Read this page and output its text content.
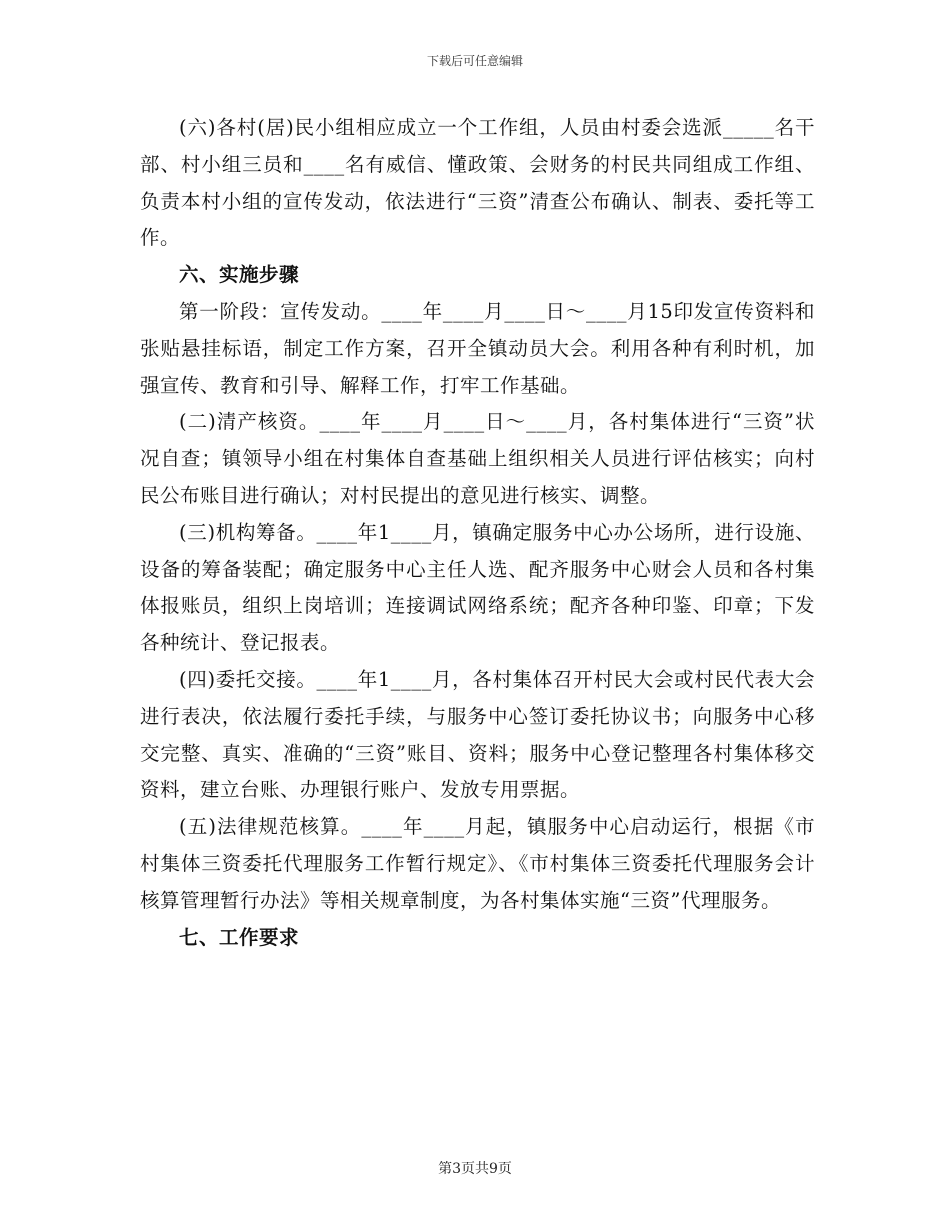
下载后可任意编辑

(六)各村(居)民小组相应成立一个工作组，人员由村委会选派_____名干部、村小组三员和____名有威信、懂政策、会财务的村民共同组成工作组、负责本村小组的宣传发动，依法进行“三资”清查公布确认、制表、委托等工作。

六、实施步骤

第一阶段：宣传发动。____年____月____日～____月15印发宣传资料和张贴悬挂标语，制定工作方案，召开全镇动员大会。利用各种有利时机，加强宣传、教育和引导、解释工作，打牢工作基础。

(二)清产核资。____年____月____日～____月，各村集体进行“三资”状况自查；镇领导小组在村集体自查基础上组织相关人员进行评估核实；向村民公布账目进行确认；对村民提出的意见进行核实、调整。

(三)机构筹备。____年1____月，镇确定服务中心办公场所，进行设施、设备的筹备装配；确定服务中心主任人选、配齐服务中心财会人员和各村集体报账员，组织上岗培训；连接调试网络系统；配齐各种印鉴、印章；下发各种统计、登记报表。

(四)委托交接。____年1____月，各村集体召开村民大会或村民代表大会进行表决，依法履行委托手续，与服务中心签订委托协议书；向服务中心移交完整、真实、准确的“三资”账目、资料；服务中心登记整理各村集体移交资料，建立台账、办理银行账户、发放专用票据。

(五)法律规范核算。____年____月起，镇服务中心启动运行，根据《市村集体三资委托代理服务工作暂行规定》、《市村集体三资委托代理服务会计核算管理暂行办法》等相关规章制度，为各村集体实施“三资”代理服务。

七、工作要求

第3页共9页
